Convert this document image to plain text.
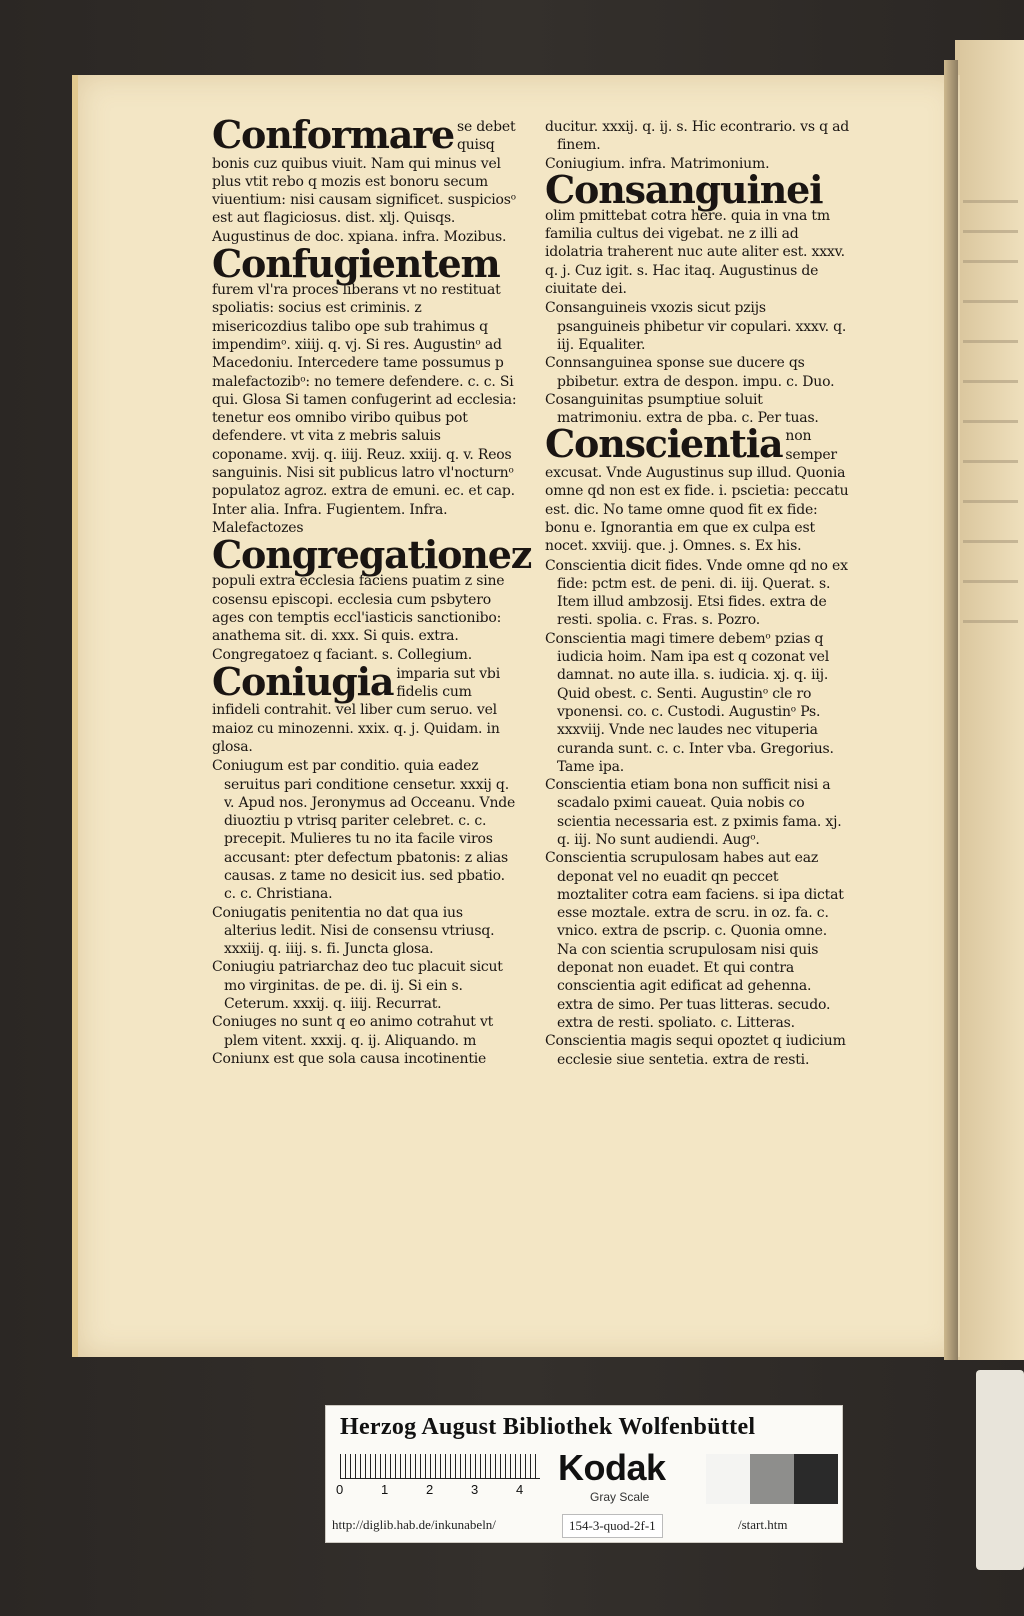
Conformare se debet quisq bonis cuz quibus viuit. Nam qui minus vel plus vtit rebo q mozis est bonoru secum viuentium: nisi causam significet. suspiciosᵒ est aut flagiciosus. dist. xlj. Quisqs. Augustinus de doc. xpiana. infra. Mozibus.
Confugientem
furem vl'ra proces liberans vt no restituat spoliatis: socius est criminis. z misericozdius talibo ope sub trahimus q impendimᵒ. xiiij. q. vj. Si res. Augustinᵒ ad Macedoniu. Intercedere tame possumus p malefactozibᵒ: no temere defendere. c. c. Si qui. Glosa Si tamen confugerint ad ecclesia: tenetur eos omnibo viribo quibus pot defendere. vt vita z mebris saluis coponame. xvij. q. iiij. Reuz. xxiij. q. v. Reos sanguinis. Nisi sit publicus latro vl'nocturnᵒ populatoz agroz. extra de emuni. ec. et cap. Inter alia. Infra. Fugientem. Infra. Malefactozes
Congregationez
populi extra ecclesia faciens puatim z sine cosensu episcopi. ecclesia cum psbytero ages con temptis eccl'iasticis sanctionibo: anathema sit. di. xxx. Si quis. extra.
Congregatoez q faciant. s. Collegium.
Coniugia imparia sut vbi fidelis cum infideli contrahit. vel liber cum seruo. vel maioz cu minozenni. xxix. q. j. Quidam. in glosa.
Coniugum est par conditio. quia eadez seruitus pari conditione censetur. xxxij q. v. Apud nos. Jeronymus ad Occeanu. Vnde diuoztiu p vtrisq pariter celebret. c. c. precepit. Mulieres tu no ita facile viros accusant: pter defectum pbatonis: z alias causas. z tame no desicit ius. sed pbatio. c. c. Christiana.
Coniugatis penitentia no dat qua ius alterius ledit. Nisi de consensu vtriusq. xxxiij. q. iiij. s. fi. Juncta glosa.
Coniugiu patriarchaz deo tuc placuit sicut mo virginitas. de pe. di. ij. Si ein s. Ceterum. xxxij. q. iiij. Recurrat.
Coniuges no sunt q eo animo cotrahut vt plem vitent. xxxij. q. ij. Aliquando. m
Coniunx est que sola causa incotinentie
ducitur. xxxij. q. ij. s. Hic econtrario. vs q ad finem.
Coniugium. infra. Matrimonium.
Consanguinei
olim pmittebat cotra here. quia in vna tm familia cultus dei vigebat. ne z illi ad idolatria traherent nuc aute aliter est. xxxv. q. j. Cuz igit. s. Hac itaq. Augustinus de ciuitate dei.
Consanguineis vxozis sicut pzijs psanguineis phibetur vir copulari. xxxv. q. iij. Equaliter.
Connsanguinea sponse sue ducere qs pbibetur. extra de despon. impu. c. Duo.
Cosanguinitas psumptiue soluit matrimoniu. extra de pba. c. Per tuas.
Conscientia non semper excusat. Vnde Augustinus sup illud. Quonia omne qd non est ex fide. i. pscietia: peccatu est. dic. No tame omne quod fit ex fide: bonu e. Ignorantia em que ex culpa est nocet. xxviij. que. j. Omnes. s. Ex his.
Conscientia dicit fides. Vnde omne qd no ex fide: pctm est. de peni. di. iij. Querat. s. Item illud ambzosij. Etsi fides. extra de resti. spolia. c. Fras. s. Pozro.
Conscientia magi timere debemᵒ pzias q iudicia hoim. Nam ipa est q cozonat vel damnat. no aute illa. s. iudicia. xj. q. iij. Quid obest. c. Senti. Augustinᵒ cle ro vponensi. co. c. Custodi. Augustinᵒ Ps. xxxviij. Vnde nec laudes nec vituperia curanda sunt. c. c. Inter vba. Gregorius. Tame ipa.
Conscientia etiam bona non sufficit nisi a scadalo pximi caueat. Quia nobis co scientia necessaria est. z pximis fama. xj. q. iij. No sunt audiendi. Augᵒ.
Conscientia scrupulosam habes aut eaz deponat vel no euadit qn peccet moztaliter cotra eam faciens. si ipa dictat esse moztale. extra de scru. in oz. fa. c. vnico. extra de pscrip. c. Quonia omne. Na con scientia scrupulosam nisi quis deponat non euadet. Et qui contra conscientia agit edificat ad gehenna. extra de simo. Per tuas litteras. secudo. extra de resti. spoliato. c. Litteras.
Conscientia magis sequi opoztet q iudicium ecclesie siue sentetia. extra de resti.
Herzog August Bibliothek Wolfenbüttel
0	1	2	3	4
Kodak
Gray Scale
http://diglib.hab.de/inkunabeln/	154-3-quod-2f-1	/start.htm
